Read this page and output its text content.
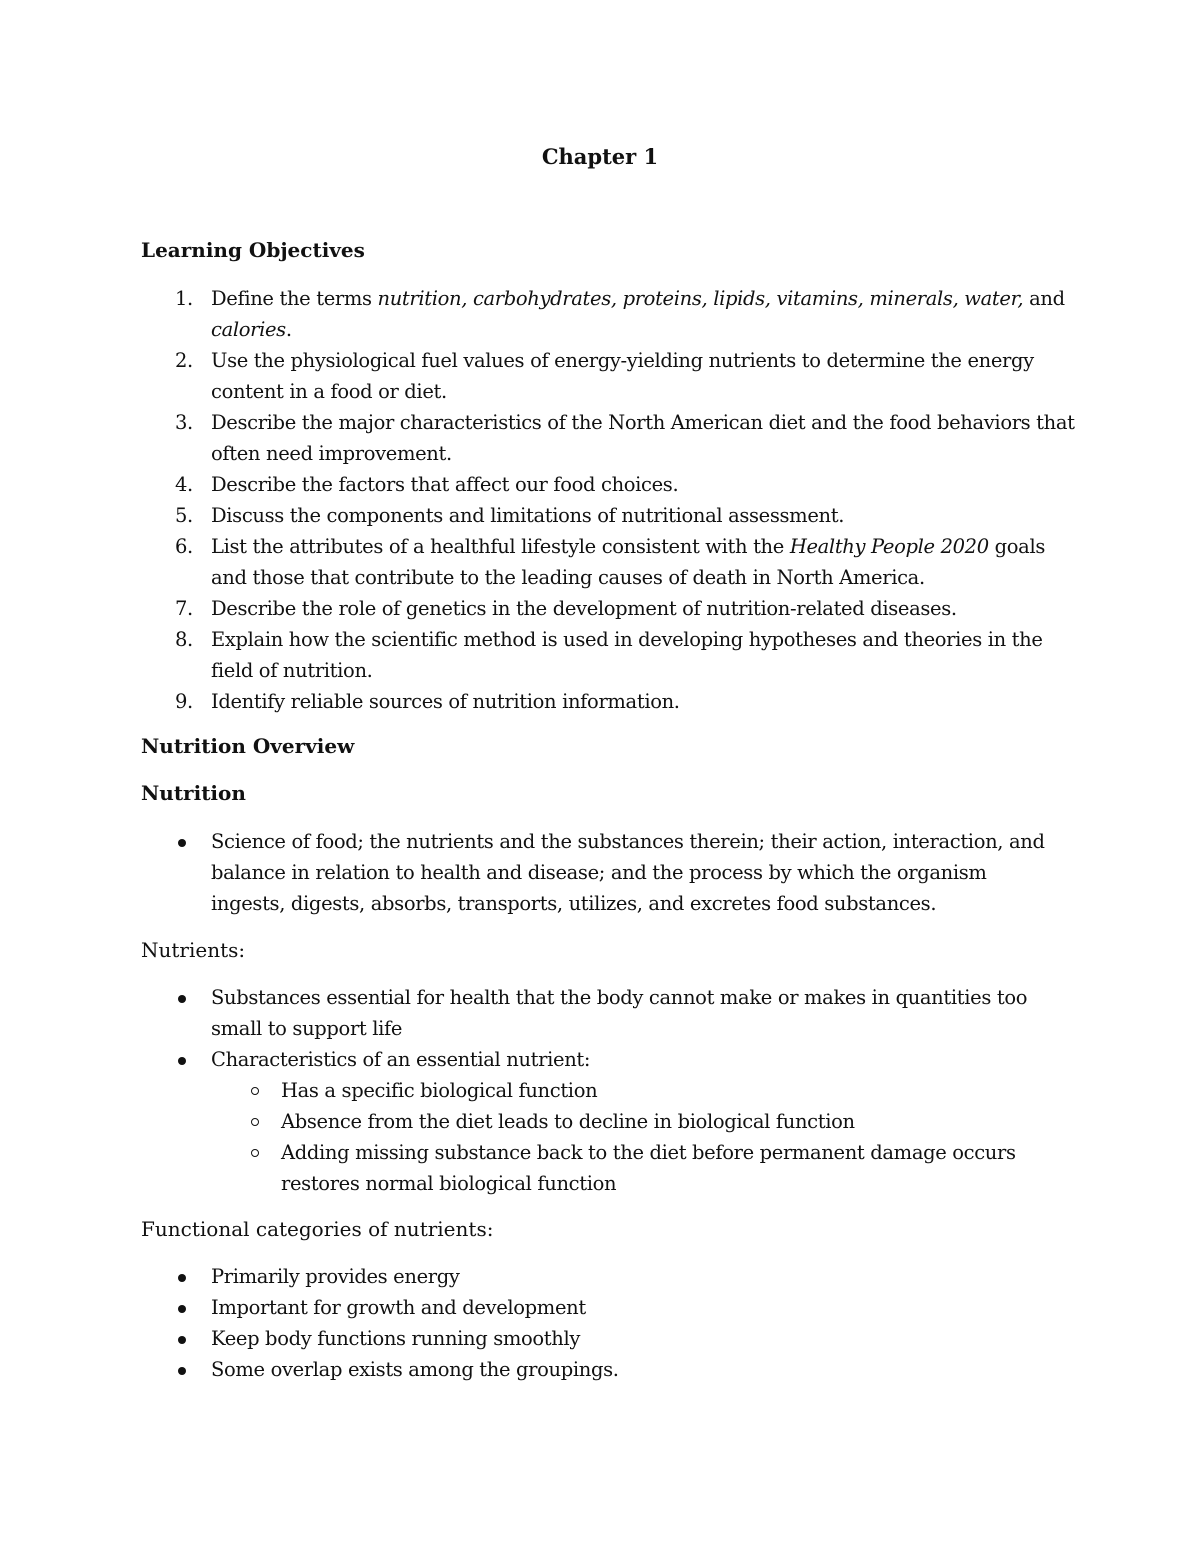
Chapter 1
Learning Objectives
1. Define the terms nutrition, carbohydrates, proteins, lipids, vitamins, minerals, water, and calories.
2. Use the physiological fuel values of energy-yielding nutrients to determine the energy content in a food or diet.
3. Describe the major characteristics of the North American diet and the food behaviors that often need improvement.
4. Describe the factors that affect our food choices.
5. Discuss the components and limitations of nutritional assessment.
6. List the attributes of a healthful lifestyle consistent with the Healthy People 2020 goals and those that contribute to the leading causes of death in North America.
7. Describe the role of genetics in the development of nutrition-related diseases.
8. Explain how the scientific method is used in developing hypotheses and theories in the field of nutrition.
9. Identify reliable sources of nutrition information.
Nutrition Overview
Nutrition
Science of food; the nutrients and the substances therein; their action, interaction, and balance in relation to health and disease; and the process by which the organism ingests, digests, absorbs, transports, utilizes, and excretes food substances.
Nutrients:
Substances essential for health that the body cannot make or makes in quantities too small to support life
Characteristics of an essential nutrient:
Has a specific biological function
Absence from the diet leads to decline in biological function
Adding missing substance back to the diet before permanent damage occurs restores normal biological function
Functional categories of nutrients:
Primarily provides energy
Important for growth and development
Keep body functions running smoothly
Some overlap exists among the groupings.
